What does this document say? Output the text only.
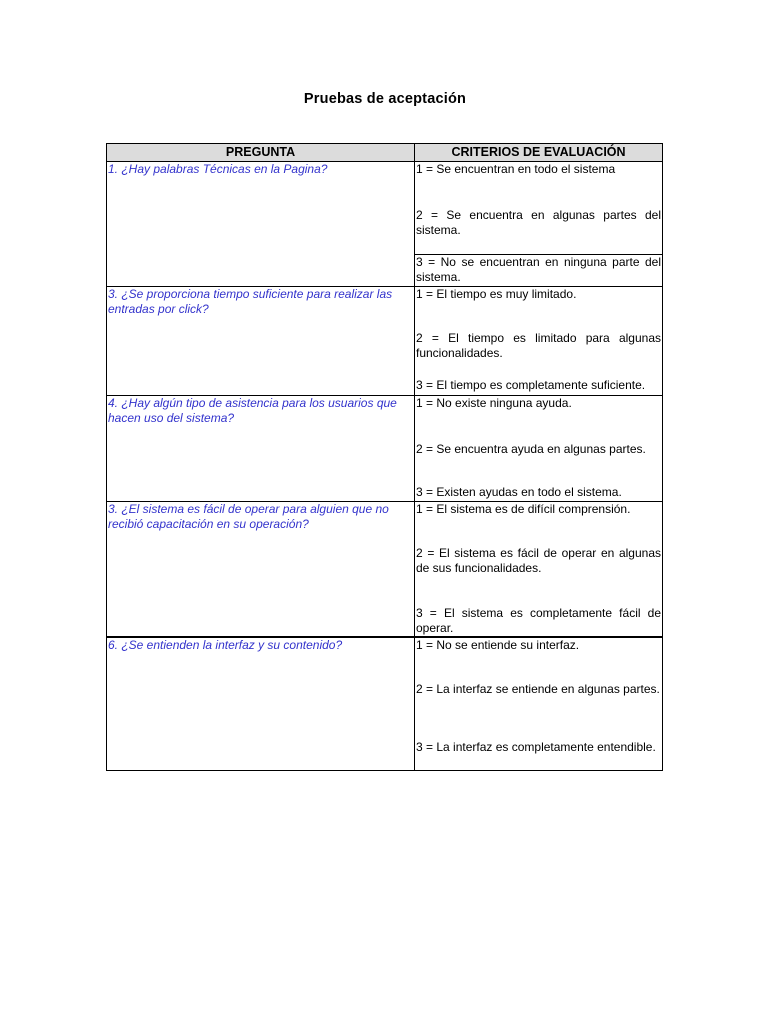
Pruebas de aceptación
PREGUNTA	CRITERIOS DE EVALUACIÓN
1. ¿Hay palabras Técnicas en la Pagina?	1 = Se encuentran en todo el sistema

	2 = Se encuentra en algunas partes del sistema.

	3 = No se encuentran en ninguna parte del sistema.

3. ¿Se proporciona tiempo suficiente para realizar las entradas por click?	1 = El tiempo es muy limitado.

	2 = El tiempo es limitado para algunas funcionalidades.

	3 = El tiempo es completamente suficiente.

4. ¿Hay algún tipo de asistencia para los usuarios que hacen uso del sistema?	1 = No existe ninguna ayuda.

	2 = Se encuentra ayuda en algunas partes.

	3 = Existen ayudas en todo el sistema.

3. ¿El sistema es fácil de operar para alguien que no recibió capacitación en su operación?	1 = El sistema es de difícil comprensión.

	2 = El sistema es fácil de operar en algunas de sus funcionalidades.

	3 = El sistema es completamente fácil de operar.

6. ¿Se entienden la interfaz y su contenido?	1 = No se entiende su interfaz.

	2 = La interfaz se entiende en algunas partes.

	3 = La interfaz es completamente entendible.
